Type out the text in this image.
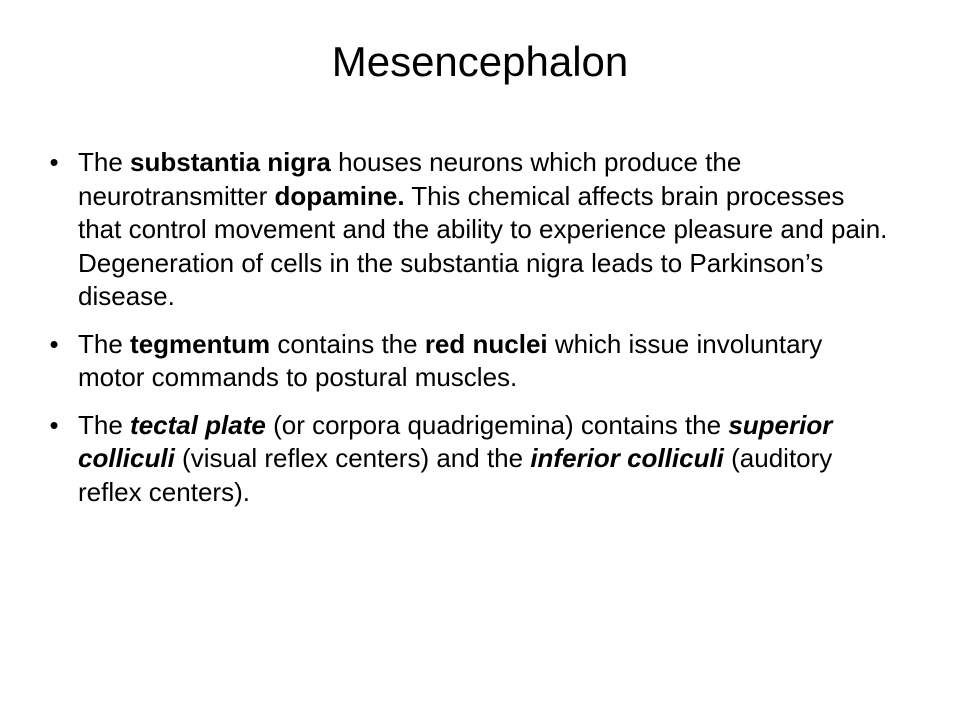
Mesencephalon
• The substantia nigra houses neurons which produce the neurotransmitter dopamine. This chemical affects brain processes that control movement and the ability to experience pleasure and pain. Degeneration of cells in the substantia nigra leads to Parkinson’s disease.
• The tegmentum contains the red nuclei which issue involuntary motor commands to postural muscles.
• The tectal plate (or corpora quadrigemina) contains the superior colliculi (visual reflex centers) and the inferior colliculi (auditory reflex centers).
